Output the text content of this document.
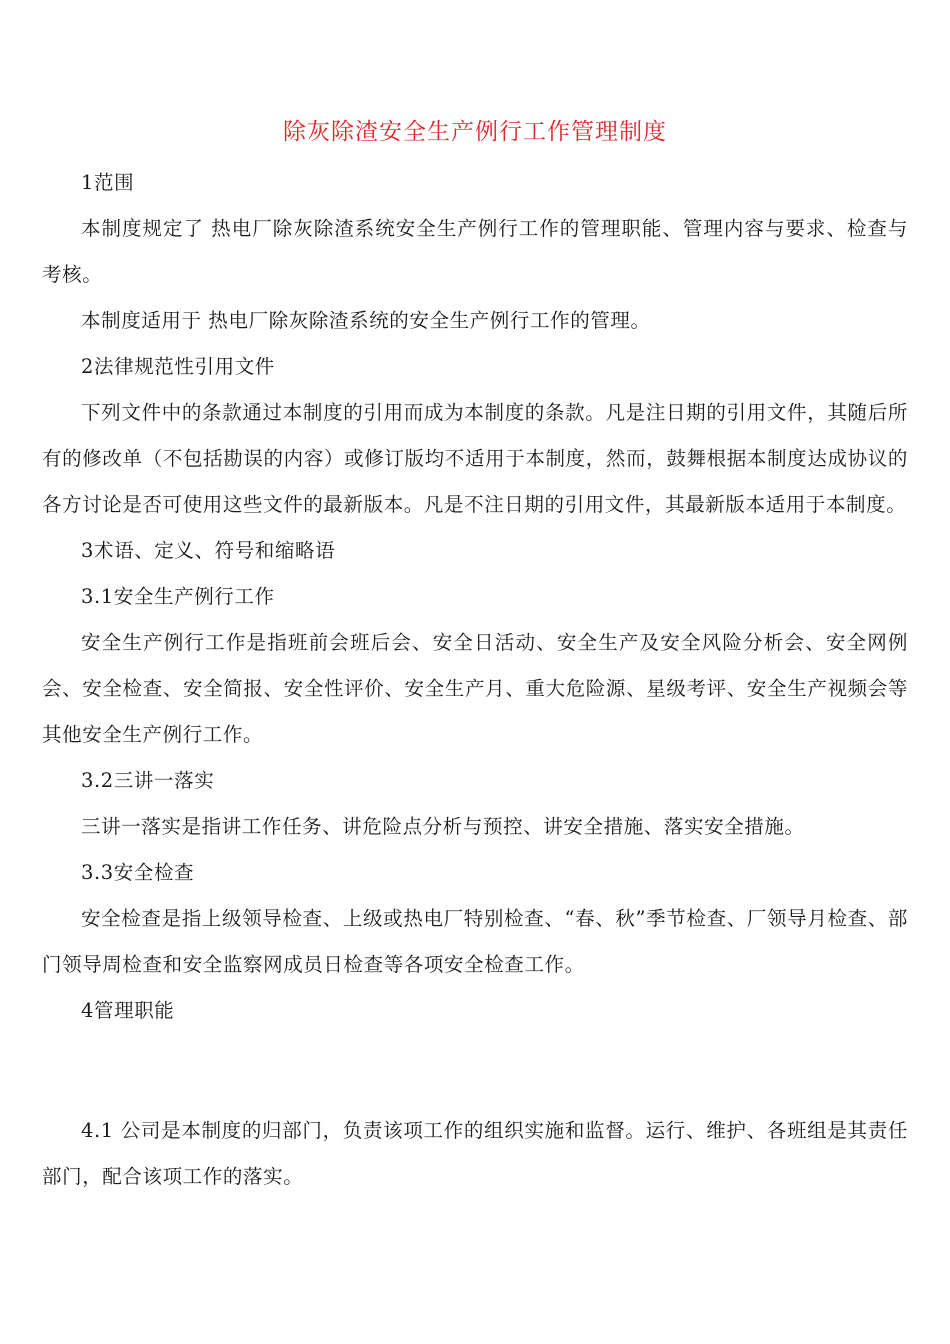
除灰除渣安全生产例行工作管理制度

1范围

本制度规定了 热电厂除灰除渣系统安全生产例行工作的管理职能、管理内容与要求、检查与考核。

本制度适用于 热电厂除灰除渣系统的安全生产例行工作的管理。

2法律规范性引用文件

下列文件中的条款通过本制度的引用而成为本制度的条款。凡是注日期的引用文件，其随后所有的修改单（不包括勘误的内容）或修订版均不适用于本制度，然而，鼓舞根据本制度达成协议的各方讨论是否可使用这些文件的最新版本。凡是不注日期的引用文件，其最新版本适用于本制度。

3术语、定义、符号和缩略语

3.1安全生产例行工作

安全生产例行工作是指班前会班后会、安全日活动、安全生产及安全风险分析会、安全网例会、安全检查、安全简报、安全性评价、安全生产月、重大危险源、星级考评、安全生产视频会等其他安全生产例行工作。

3.2三讲一落实

三讲一落实是指讲工作任务、讲危险点分析与预控、讲安全措施、落实安全措施。

3.3安全检查

安全检查是指上级领导检查、上级或热电厂特别检查、“春、秋”季节检查、厂领导月检查、部门领导周检查和安全监察网成员日检查等各项安全检查工作。

4管理职能

4.1 公司是本制度的归部门，负责该项工作的组织实施和监督。运行、维护、各班组是其责任部门，配合该项工作的落实。
